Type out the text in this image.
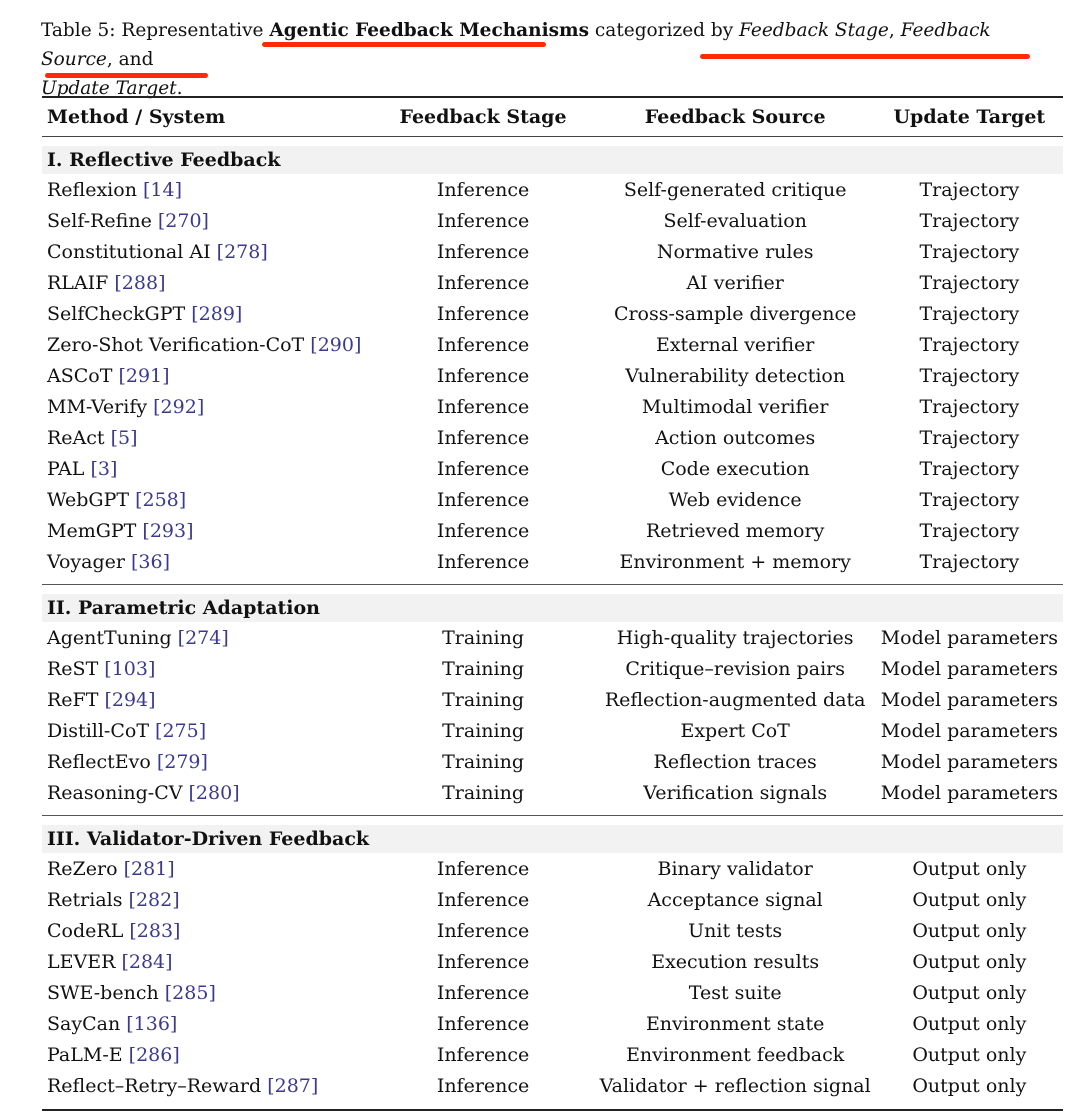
Table 5: Representative Agentic Feedback Mechanisms categorized by Feedback Stage, Feedback Source, and
Update Target.
Method / System	Feedback Stage	Feedback Source	Update Target

I. Reflective Feedback			
Reflexion [14]	Inference	Self-generated critique	Trajectory
Self-Refine [270]	Inference	Self-evaluation	Trajectory
Constitutional AI [278]	Inference	Normative rules	Trajectory
RLAIF [288]	Inference	AI verifier	Trajectory
SelfCheckGPT [289]	Inference	Cross-sample divergence	Trajectory
Zero-Shot Verification-CoT [290]	Inference	External verifier	Trajectory
ASCoT [291]	Inference	Vulnerability detection	Trajectory
MM-Verify [292]	Inference	Multimodal verifier	Trajectory
ReAct [5]	Inference	Action outcomes	Trajectory
PAL [3]	Inference	Code execution	Trajectory
WebGPT [258]	Inference	Web evidence	Trajectory
MemGPT [293]	Inference	Retrieved memory	Trajectory
Voyager [36]	Inference	Environment + memory	Trajectory

II. Parametric Adaptation			
AgentTuning [274]	Training	High-quality trajectories	Model parameters
ReST [103]	Training	Critique–revision pairs	Model parameters
ReFT [294]	Training	Reflection-augmented data	Model parameters
Distill-CoT [275]	Training	Expert CoT	Model parameters
ReflectEvo [279]	Training	Reflection traces	Model parameters
Reasoning-CV [280]	Training	Verification signals	Model parameters

III. Validator-Driven Feedback			
ReZero [281]	Inference	Binary validator	Output only
Retrials [282]	Inference	Acceptance signal	Output only
CodeRL [283]	Inference	Unit tests	Output only
LEVER [284]	Inference	Execution results	Output only
SWE-bench [285]	Inference	Test suite	Output only
SayCan [136]	Inference	Environment state	Output only
PaLM-E [286]	Inference	Environment feedback	Output only
Reflect–Retry–Reward [287]	Inference	Validator + reflection signal	Output only
